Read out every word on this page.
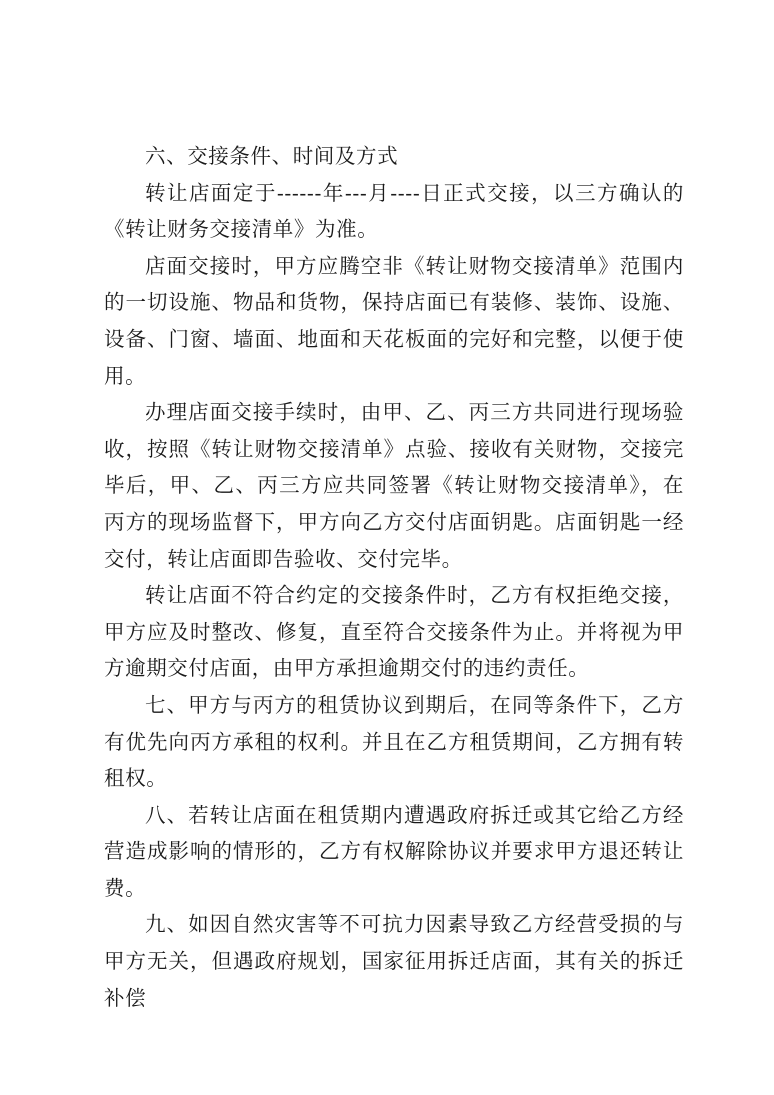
六、交接条件、时间及方式

转让店面定于------年---月----日正式交接，以三方确认的《转让财务交接清单》为准。

店面交接时，甲方应腾空非《转让财物交接清单》范围内的一切设施、物品和货物，保持店面已有装修、装饰、设施、设备、门窗、墙面、地面和天花板面的完好和完整，以便于使用。

办理店面交接手续时，由甲、乙、丙三方共同进行现场验收，按照《转让财物交接清单》点验、接收有关财物，交接完毕后，甲、乙、丙三方应共同签署《转让财物交接清单》，在丙方的现场监督下，甲方向乙方交付店面钥匙。店面钥匙一经交付，转让店面即告验收、交付完毕。

转让店面不符合约定的交接条件时，乙方有权拒绝交接，甲方应及时整改、修复，直至符合交接条件为止。并将视为甲方逾期交付店面，由甲方承担逾期交付的违约责任。

七、甲方与丙方的租赁协议到期后，在同等条件下，乙方有优先向丙方承租的权利。并且在乙方租赁期间，乙方拥有转租权。

八、若转让店面在租赁期内遭遇政府拆迁或其它给乙方经营造成影响的情形的，乙方有权解除协议并要求甲方退还转让费。

九、如因自然灾害等不可抗力因素导致乙方经营受损的与甲方无关，但遇政府规划，国家征用拆迁店面，其有关的拆迁补偿
